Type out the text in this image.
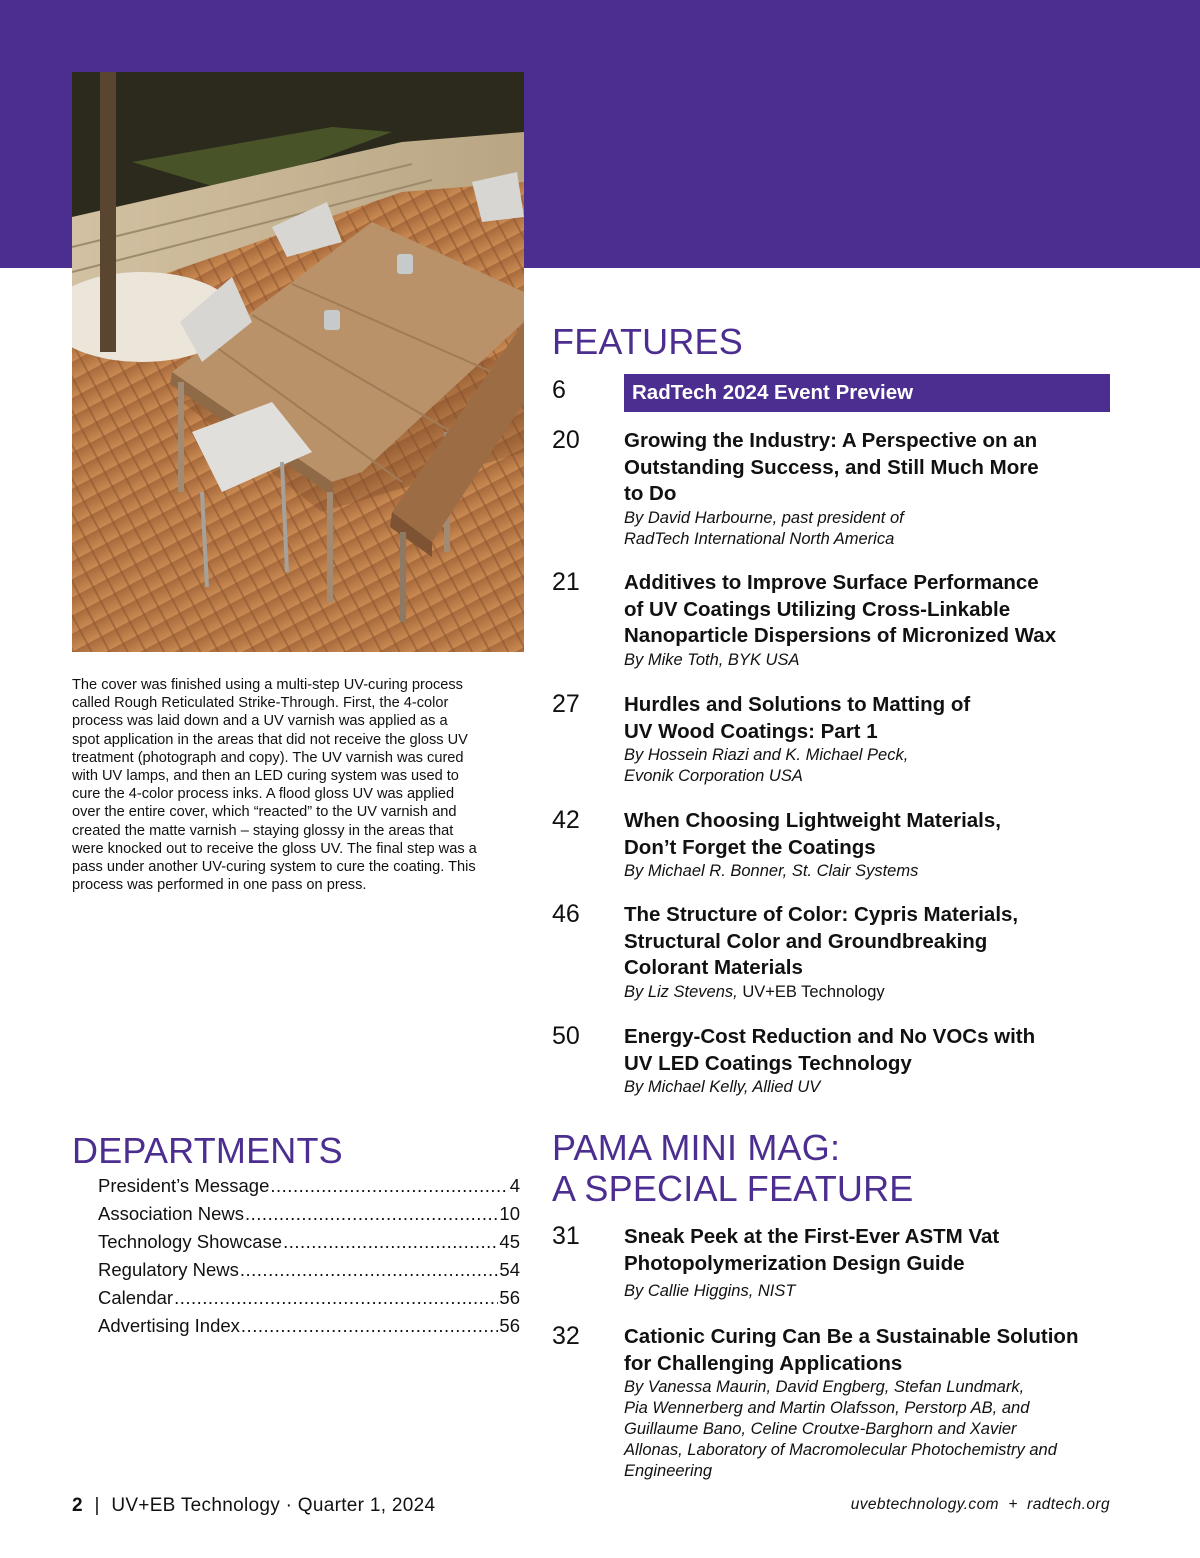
The cover was finished using a multi-step UV-curing process
called Rough Reticulated Strike-Through. First, the 4-color
process was laid down and a UV varnish was applied as a
spot application in the areas that did not receive the gloss UV
treatment (photograph and copy). The UV varnish was cured
with UV lamps, and then an LED curing system was used to
cure the 4-color process inks. A flood gloss UV was applied
over the entire cover, which “reacted” to the UV varnish and
created the matte varnish – staying glossy in the areas that
were knocked out to receive the gloss UV. The final step was a
pass under another UV-curing system to cure the coating. This
process was performed in one pass on press.
FEATURES
6	RadTech 2024 Event Preview
20 Growing the Industry: A Perspective on an
Outstanding Success, and Still Much More
to Do
By David Harbourne, past president of
RadTech International North America
21 Additives to Improve Surface Performance
of UV Coatings Utilizing Cross-Linkable
Nanoparticle Dispersions of Micronized Wax
By Mike Toth, BYK USA
27 Hurdles and Solutions to Matting of
UV Wood Coatings: Part 1
By Hossein Riazi and K. Michael Peck,
Evonik Corporation USA
42 When Choosing Lightweight Materials,
Don’t Forget the Coatings
By Michael R. Bonner, St. Clair Systems
46 The Structure of Color: Cypris Materials,
Structural Color and Groundbreaking
Colorant Materials
By Liz Stevens, UV+EB Technology
50 Energy-Cost Reduction and No VOCs with
UV LED Coatings Technology
By Michael Kelly, Allied UV
PAMA MINI MAG:
A SPECIAL FEATURE
31 Sneak Peek at the First-Ever ASTM Vat
Photopolymerization Design Guide
By Callie Higgins, NIST
32 Cationic Curing Can Be a Sustainable Solution
for Challenging Applications
By Vanessa Maurin, David Engberg, Stefan Lundmark,
Pia Wennerberg and Martin Olafsson, Perstorp AB, and
Guillaume Bano, Celine Croutxe-Barghorn and Xavier
Allonas, Laboratory of Macromolecular Photochemistry and
Engineering
DEPARTMENTS
President’s Message .....	4
Association News .....	10
Technology Showcase .....	45
Regulatory News .....	54
Calendar .....	56
Advertising Index .....	56
2 | UV+EB Technology · Quarter 1, 2024	uvebtechnology.com  +  radtech.org
